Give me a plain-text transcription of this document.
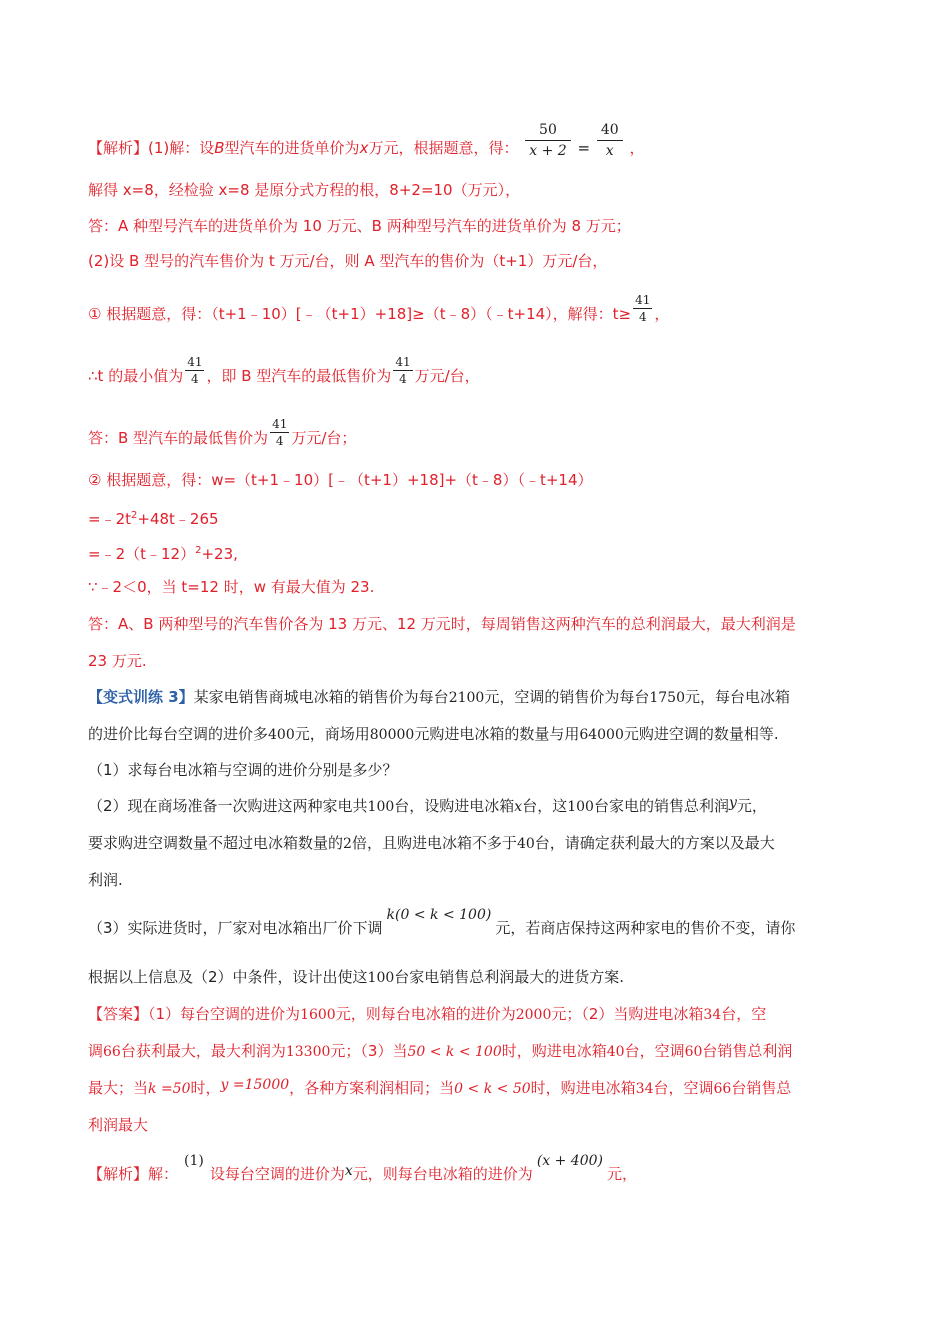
【解析】(1)解：设B型汽车的进货单价为x万元，根据题意，得： $\frac{50}{x + 2} = \frac{40}{x}$ ，
解得 x=8，经检验 x=8 是原分式方程的根，8+2=10（万元），
答：A 种型号汽车的进货单价为 10 万元、B 两种型号汽车的进货单价为 8 万元；
(2)设 B 型号的汽车售价为 t 万元/台，则 A 型汽车的售价为（t+1）万元/台，
① 根据题意，得：（t+1﹣10）[﹣（t+1）+18]≥（t﹣8）（﹣t+14），解得：$t\ge \frac{41}{4}$ ，
∴t 的最小值为 $\frac{41}{4}$ ，即 B 型汽车的最低售价为 $\frac{41}{4}$ 万元/台，
答：B 型汽车的最低售价为 $\frac{41}{4}$ 万元/台；
② 根据题意，得：w=（t+1﹣10）[﹣（t+1）+18]+（t﹣8）（﹣t+14）
$=﹣2t^2+48t﹣265$
=﹣2（t﹣12）$^2$+23,
∵﹣2＜0，当 t=12 时，w 有最大值为 23.
答：A、B 两种型号的汽车售价各为 13 万元、12 万元时，每周销售这两种汽车的总利润最大，最大利润是
23 万元.
【变式训练 3】某家电销售商城电冰箱的销售价为每台2100元，空调的销售价为每台1750元，每台电冰箱
的进价比每台空调的进价多400元，商场用80000元购进电冰箱的数量与用64000元购进空调的数量相等.
（1）求每台电冰箱与空调的进价分别是多少？
（2）现在商场准备一次购进这两种家电共100台，设购进电冰箱x台，这100台家电的销售总利润y元，
要求购进空调数量不超过电冰箱数量的2倍，且购进电冰箱不多于40台，请确定获利最大的方案以及最大
利润.
（3）实际进货时，厂家对电冰箱出厂价下调k(0 < k < 100)元，若商店保持这两种家电的售价不变，请你
根据以上信息及（2）中条件，设计出使这100台家电销售总利润最大的进货方案.
【答案】（1）每台空调的进价为1600元，则每台电冰箱的进价为2000元；（2）当购进电冰箱34台，空
调66台获利最大，最大利润为13300元；（3）当50 < k < 100时，购进电冰箱40台，空调60台销售总利润
最大；当k =50时，y =15000，各种方案利润相同；当0 < k < 50时，购进电冰箱34台，空调66台销售总
利润最大
【解析】解：(1)设每台空调的进价为x元，则每台电冰箱的进价为(x + 400)元，
